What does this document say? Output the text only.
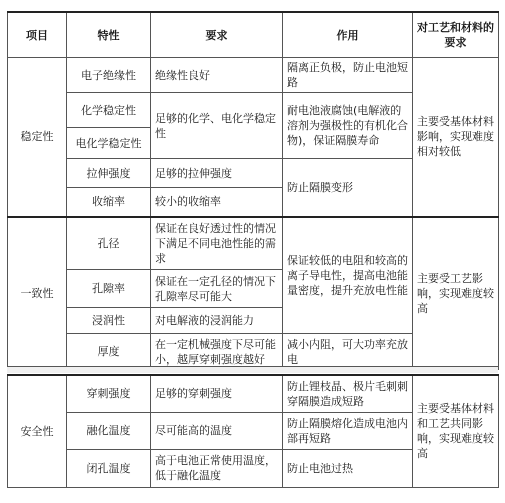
项目	特性	要求	作用	对工艺和材料的要求
稳定性	电子绝缘性	绝缘性良好	隔离正负极，防止电池短路	主要受基体材料影响，实现难度相对较低
	化学稳定性	足够的化学、电化学稳定性	耐电池液腐蚀(电解液的溶剂为强极性的有机化合物)，保证隔膜寿命	
	电化学稳定性			
	拉伸强度	足够的拉伸强度	防止隔膜变形	
	收缩率	较小的收缩率		
一致性	孔径	保证在良好透过性的情况下满足不同电池性能的需求	保证较低的电阻和较高的离子导电性，提高电池能量密度，提升充放电性能	主要受工艺影响，实现难度较高
	孔隙率	保证在一定孔径的情况下孔隙率尽可能大		
	浸润性	对电解液的浸润能力		
	厚度	在一定机械强度下尽可能小，越厚穿刺强度越好	减小内阻，可大功率充放电	
安全性	穿刺强度	足够的穿刺强度	防止锂枝晶、极片毛刺刺穿隔膜造成短路	主要受基体材料和工艺共同影响，实现难度较高
	融化温度	尽可能高的温度	防止隔膜熔化造成电池内部再短路	
	闭孔温度	高于电池正常使用温度，低于融化温度	防止电池过热	
